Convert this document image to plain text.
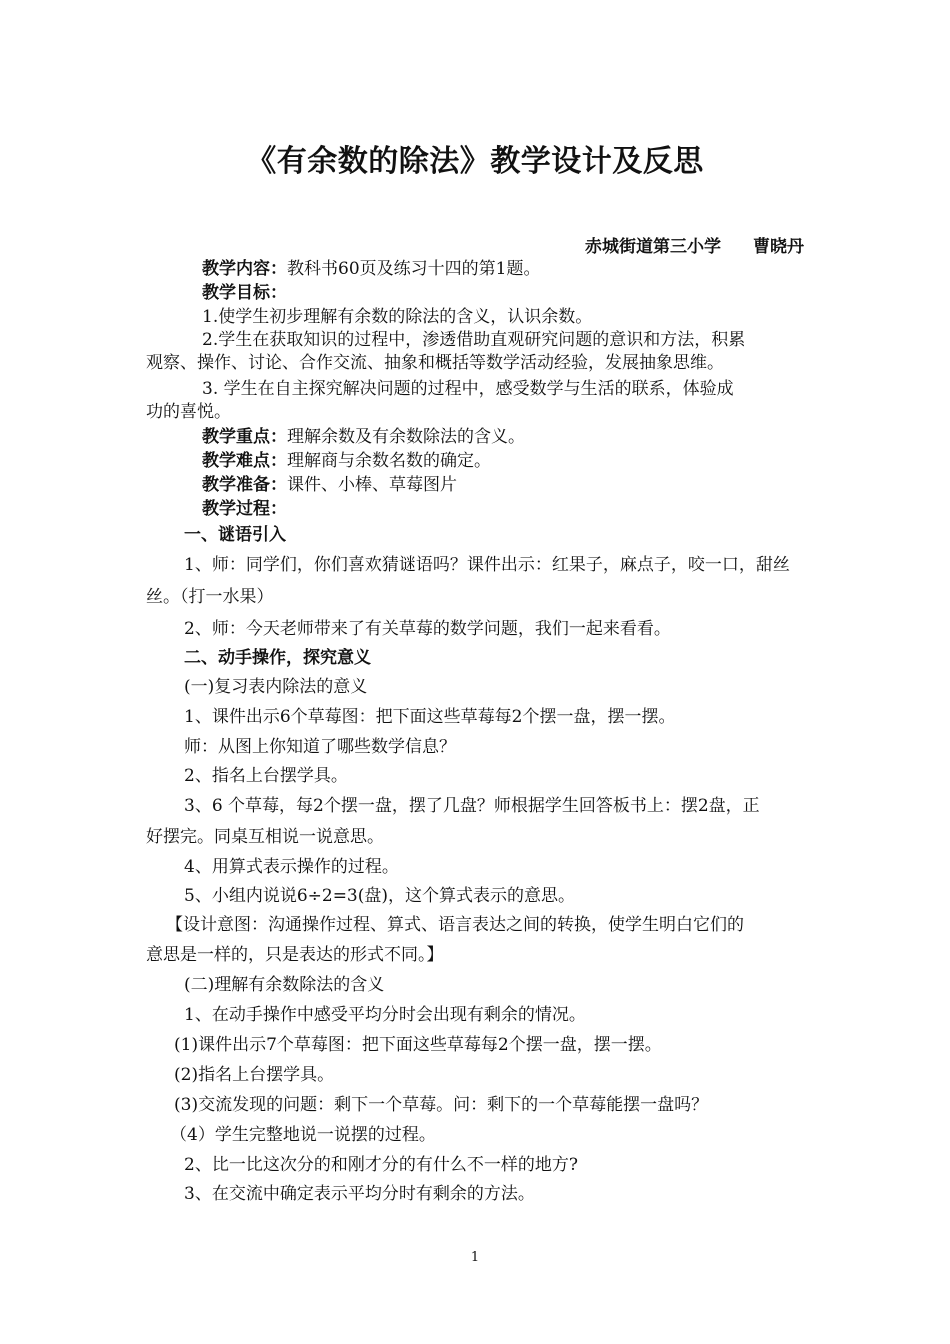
《有余数的除法》教学设计及反思
赤城街道第三小学 曹晓丹
教学内容：教科书60页及练习十四的第1题。
教学目标：
1.使学生初步理解有余数的除法的含义，认识余数。
2.学生在获取知识的过程中，渗透借助直观研究问题的意识和方法，积累
观察、操作、讨论、合作交流、抽象和概括等数学活动经验，发展抽象思维。
3. 学生在自主探究解决问题的过程中，感受数学与生活的联系，体验成
功的喜悦。
教学重点：理解余数及有余数除法的含义。
教学难点：理解商与余数名数的确定。
教学准备：课件、小棒、草莓图片
教学过程：
一、谜语引入
1、师：同学们，你们喜欢猜谜语吗？课件出示：红果子，麻点子，咬一口，甜丝
丝。（打一水果）
2、师：今天老师带来了有关草莓的数学问题，我们一起来看看。
二、动手操作，探究意义
(一)复习表内除法的意义
1、课件出示6个草莓图：把下面这些草莓每2个摆一盘，摆一摆。
师：从图上你知道了哪些数学信息？
2、指名上台摆学具。
3、6 个草莓，每2个摆一盘，摆了几盘？师根据学生回答板书上：摆2盘，正
好摆完。同桌互相说一说意思。
4、用算式表示操作的过程。
5、小组内说说6÷2=3(盘)，这个算式表示的意思。
【设计意图：沟通操作过程、算式、语言表达之间的转换，使学生明白它们的
意思是一样的，只是表达的形式不同。】
(二)理解有余数除法的含义
1、在动手操作中感受平均分时会出现有剩余的情况。
(1)课件出示7个草莓图：把下面这些草莓每2个摆一盘，摆一摆。
(2)指名上台摆学具。
(3)交流发现的问题：剩下一个草莓。问：剩下的一个草莓能摆一盘吗？
（4）学生完整地说一说摆的过程。
2、比一比这次分的和刚才分的有什么不一样的地方?
3、在交流中确定表示平均分时有剩余的方法。
1
